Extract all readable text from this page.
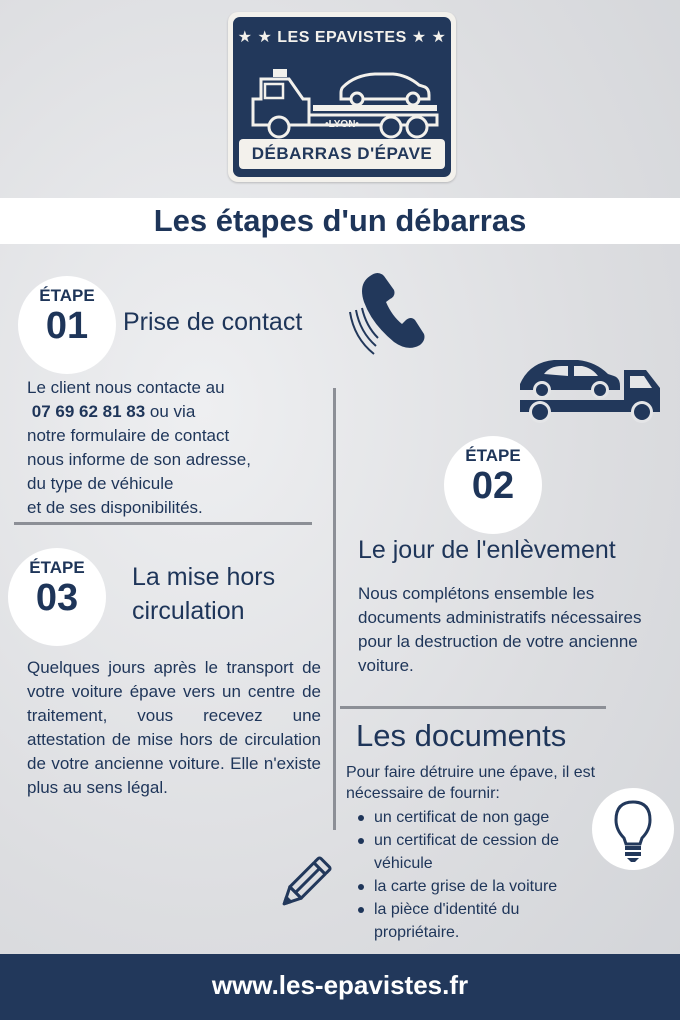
★ ★ LES EPAVISTES ★ ★
•LYON•
DÉBARRAS D'ÉPAVE
Les étapes d'un débarras
ÉTAPE
01	Prise de contact
Le client nous contacte au
07 69 62 81 83 ou via
notre formulaire de contact
nous informe de son adresse,
du type de véhicule
et de ses disponibilités.
ÉTAPE
02
Le jour de l'enlèvement
Nous complétons ensemble les documents administratifs nécessaires pour la destruction de votre ancienne voiture.
ÉTAPE
03	La mise hors
circulation
Quelques jours après le transport de votre voiture épave vers un centre de traitement, vous recevez une attestation de mise hors de circulation de votre ancienne voiture. Elle n'existe plus au sens légal.
Les documents
Pour faire détruire une épave, il est nécessaire de fournir:
un certificat de non gage
un certificat de cession de véhicule
la carte grise de la voiture
la pièce d'identité du propriétaire.
www.les-epavistes.fr
